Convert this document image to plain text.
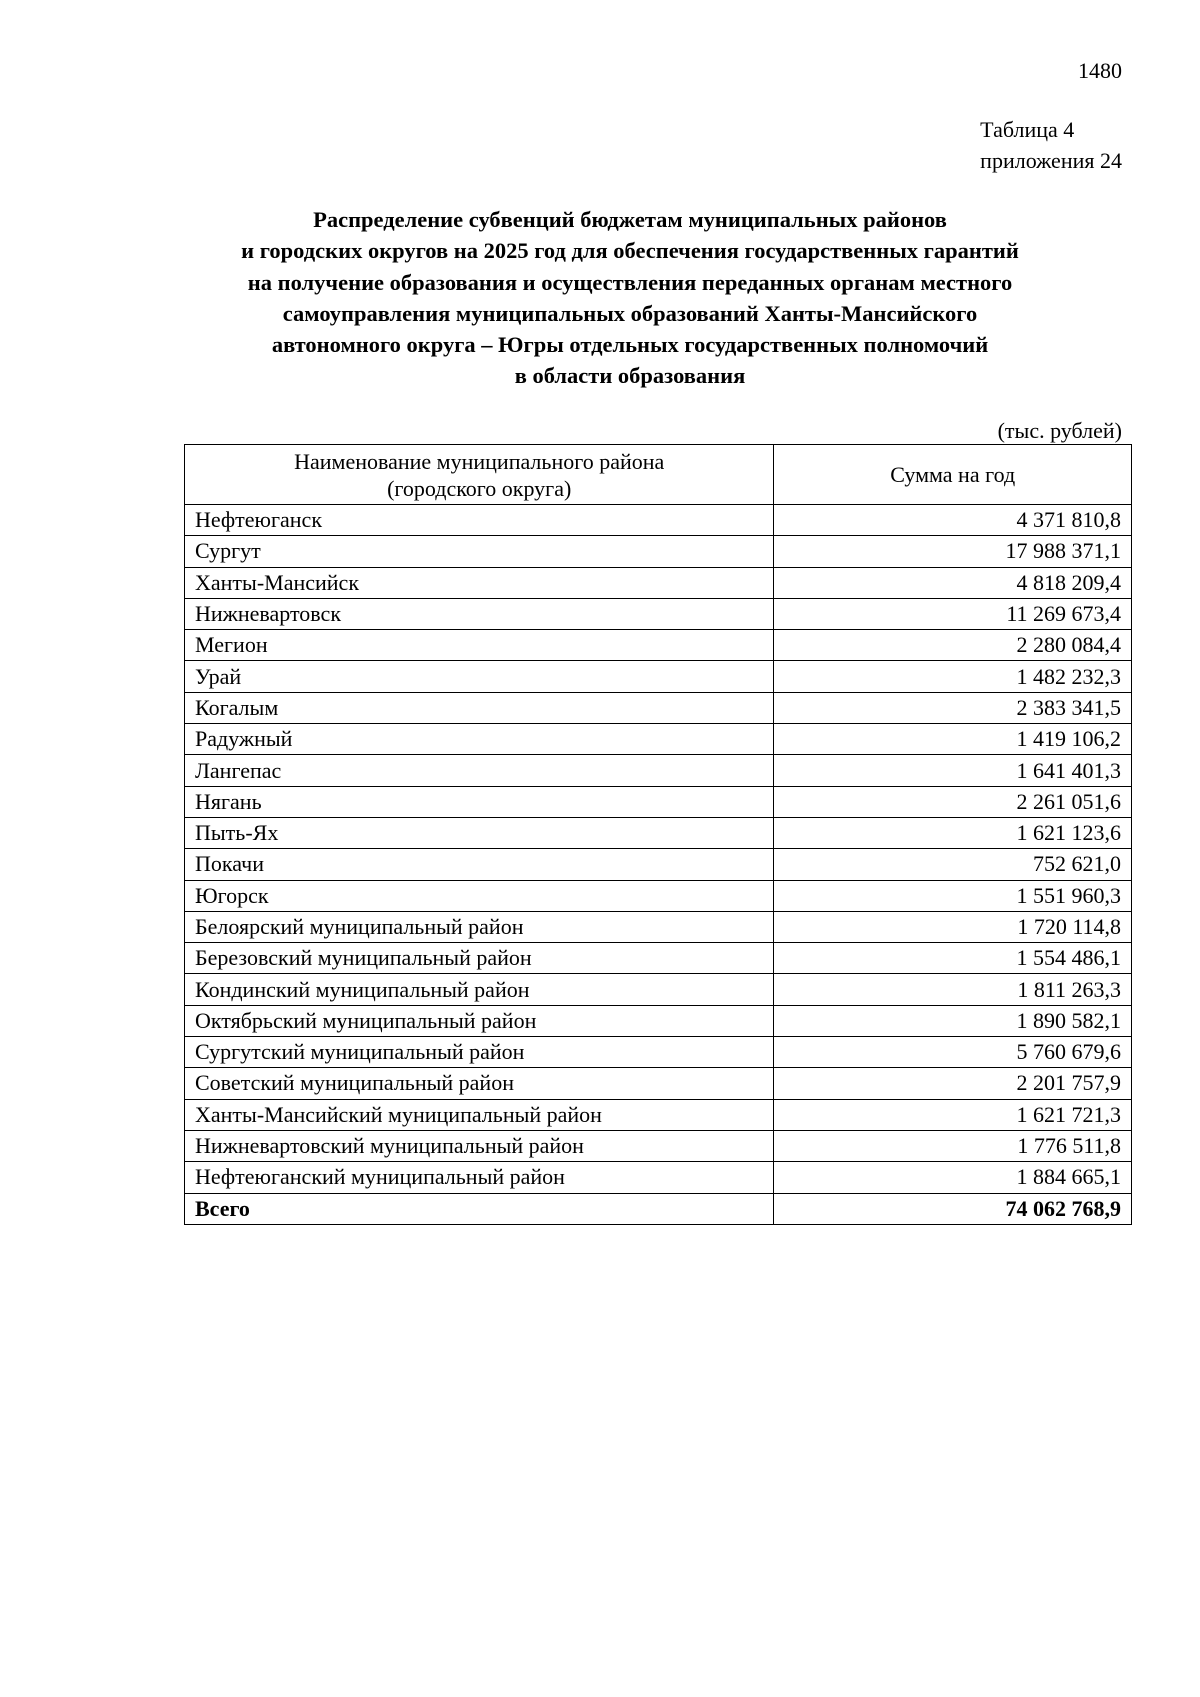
1480
Таблица 4
приложения 24
Распределение субвенций бюджетам муниципальных районов
и городских округов на 2025 год для обеспечения государственных гарантий
на получение образования и осуществления переданных органам местного
самоуправления муниципальных образований Ханты-Мансийского
автономного округа – Югры отдельных государственных полномочий
в области образования
(тыс. рублей)
Наименование муниципального района
(городского округа)	Сумма на год
Нефтеюганск	4 371 810,8
Сургут	17 988 371,1
Ханты-Мансийск	4 818 209,4
Нижневартовск	11 269 673,4
Мегион	2 280 084,4
Урай	1 482 232,3
Когалым	2 383 341,5
Радужный	1 419 106,2
Лангепас	1 641 401,3
Нягань	2 261 051,6
Пыть-Ях	1 621 123,6
Покачи	752 621,0
Югорск	1 551 960,3
Белоярский муниципальный район	1 720 114,8
Березовский муниципальный район	1 554 486,1
Кондинский муниципальный район	1 811 263,3
Октябрьский муниципальный район	1 890 582,1
Сургутский муниципальный район	5 760 679,6
Советский муниципальный район	2 201 757,9
Ханты-Мансийский муниципальный район	1 621 721,3
Нижневартовский муниципальный район	1 776 511,8
Нефтеюганский муниципальный район	1 884 665,1
Всего	74 062 768,9
